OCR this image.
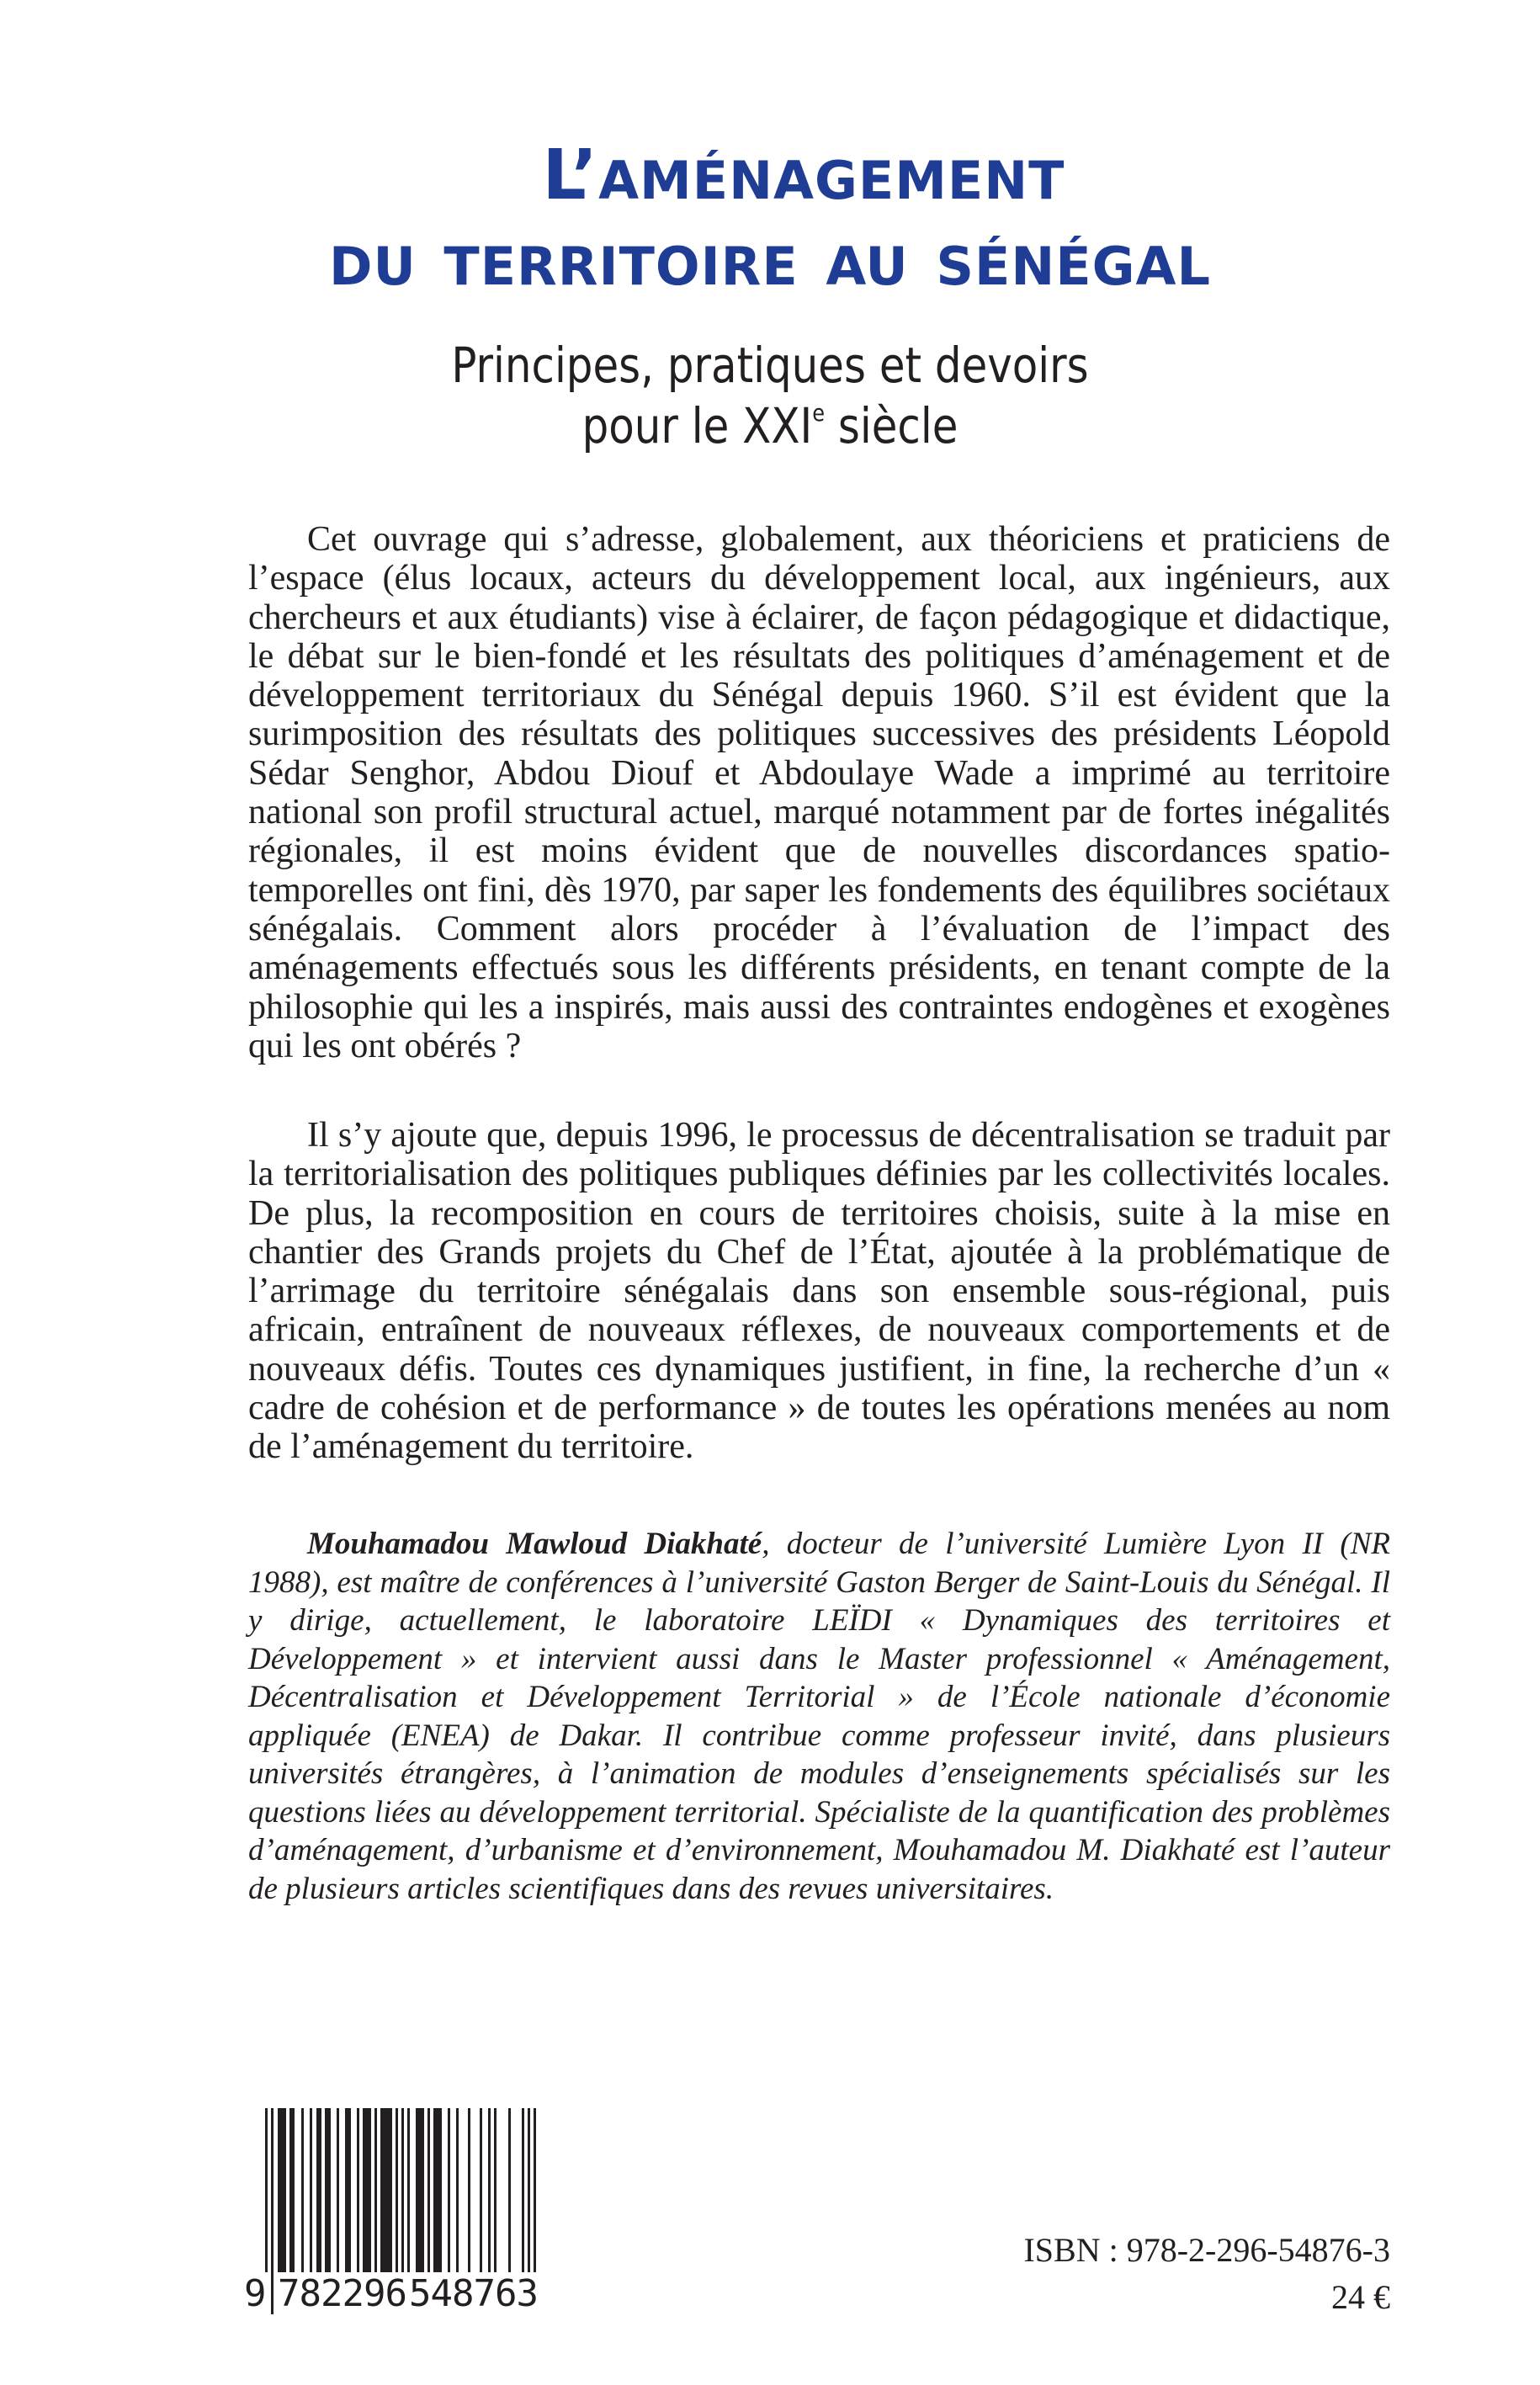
L’AMÉNAGEMENT
DU TERRITOIRE AU SÉNÉGAL
Principes, pratiques et devoirs
pour le XXIe siècle

Cet ouvrage qui s’adresse, globalement, aux théoriciens et praticiens de l’espace (élus locaux, acteurs du développement local, aux ingénieurs, aux chercheurs et aux étudiants) vise à éclairer, de façon pédagogique et didactique, le débat sur le bien-fondé et les résultats des politiques d’aménagement et de développement territoriaux du Sénégal depuis 1960. S’il est évident que la surimposition des résultats des politiques successives des présidents Léopold Sédar Senghor, Abdou Diouf et Abdoulaye Wade a imprimé au territoire national son profil structural actuel, marqué notamment par de fortes inégalités régionales, il est moins évident que de nouvelles discordances spatio-temporelles ont fini, dès 1970, par saper les fondements des équilibres sociétaux sénégalais. Comment alors procéder à l’évaluation de l’impact des aménagements effectués sous les différents présidents, en tenant compte de la philosophie qui les a inspirés, mais aussi des contraintes endogènes et exogènes qui les ont obérés ?

Il s’y ajoute que, depuis 1996, le processus de décentralisation se traduit par la territorialisation des politiques publiques définies par les collectivités locales. De plus, la recomposition en cours de territoires choisis, suite à la mise en chantier des Grands projets du Chef de l’État, ajoutée à la problématique de l’arrimage du territoire sénégalais dans son ensemble sous-régional, puis africain, entraînent de nouveaux réflexes, de nouveaux comportements et de nouveaux défis. Toutes ces dynamiques justifient, in fine, la recherche d’un « cadre de cohésion et de performance » de toutes les opérations menées au nom de l’aménagement du territoire.

Mouhamadou Mawloud Diakhaté, docteur de l’université Lumière Lyon II (NR 1988), est maître de conférences à l’université Gaston Berger de Saint-Louis du Sénégal. Il y dirige, actuellement, le laboratoire LEÏDI « Dynamiques des territoires et Développement » et intervient aussi dans le Master professionnel « Aménagement, Décentralisation et Développement Territorial » de l’École nationale d’économie appliquée (ENEA) de Dakar. Il contribue comme professeur invité, dans plusieurs universités étrangères, à l’animation de modules d’enseignements spécialisés sur les questions liées au développement territorial. Spécialiste de la quantification des problèmes d’aménagement, d’urbanisme et d’environnement, Mouhamadou M. Diakhaté est l’auteur de plusieurs articles scientifiques dans des revues universitaires.
9 782296 548763
ISBN : 978-2-296-54876-3
24 €
